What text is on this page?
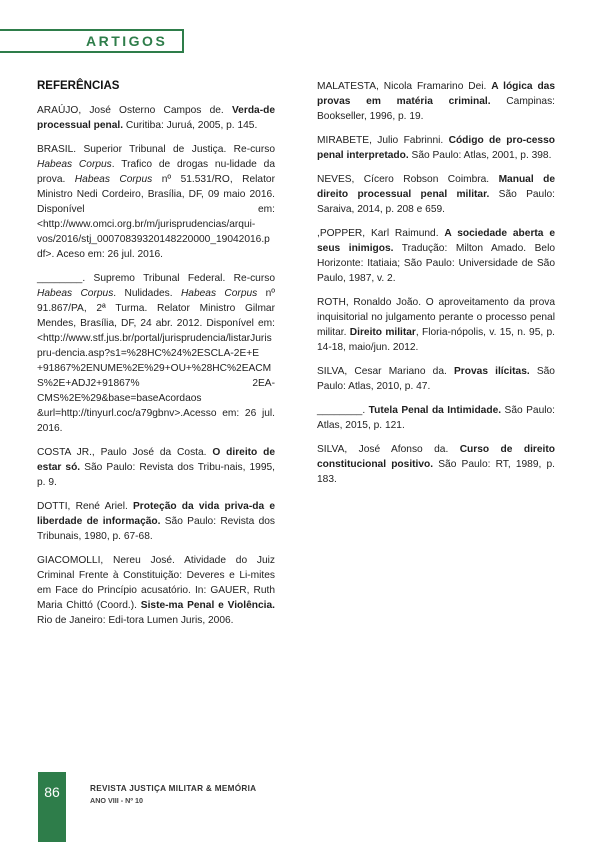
ARTIGOS
REFERÊNCIAS

ARAÚJO, José Osterno Campos de. Verda-de processual penal. Curitiba: Juruá, 2005, p. 145.

BRASIL. Superior Tribunal de Justiça. Re-curso Habeas Corpus. Trafico de drogas nu-lidade da prova. Habeas Corpus nº 51.531/RO, Relator Ministro Nedi Cordeiro, Brasília, DF, 09 maio 2016. Disponível em: <http://www.omci.org.br/m/jurisprudencias/arqui-vos/2016/stj_00070839320148220000_19042016.pdf>. Aceso em: 26 jul. 2016.

________. Supremo Tribunal Federal. Re-curso Habeas Corpus. Nulidades. Habeas Corpus nº 91.867/PA, 2ª Turma. Relator Ministro Gilmar Mendes, Brasília, DF, 24 abr. 2012. Disponível em: <http://www.stf.jus.br/portal/jurisprudencia/listarJurispru-dencia.asp?s1=%28HC%24%2ESCLA-2E+E +91867%2ENUME%2E%29+OU+%28HC%2EACMS%2E+ADJ2+91867% 2EA-CMS%2E%29&base=baseAcordaos &url=http://tinyurl.coc/a79gbnv>.Acesso em: 26 jul. 2016.

COSTA JR., Paulo José da Costa. O direito de estar só. São Paulo: Revista dos Tribu-nais, 1995, p. 9.

DOTTI, René Ariel. Proteção da vida priva-da e liberdade de informação. São Paulo: Revista dos Tribunais, 1980, p. 67-68.

GIACOMOLLI, Nereu José. Atividade do Juiz Criminal Frente à Constituição: Deveres e Li-mites em Face do Princípio acusatório. In: GAUER, Ruth Maria Chittó (Coord.). Siste-ma Penal e Violência. Rio de Janeiro: Edi-tora Lumen Juris, 2006.

MALATESTA, Nicola Framarino Dei. A lógica das provas em matéria criminal. Campinas: Bookseller, 1996, p. 19.

MIRABETE, Julio Fabrinni. Código de pro-cesso penal interpretado. São Paulo: Atlas, 2001, p. 398.

NEVES, Cícero Robson Coimbra. Manual de direito processual penal militar. São Paulo: Saraiva, 2014, p. 208 e 659.

,POPPER, Karl Raimund. A sociedade aberta e seus inimigos. Tradução: Milton Amado. Belo Horizonte: Itatiaia; São Paulo: Universidade de São Paulo, 1987, v. 2.

ROTH, Ronaldo João. O aproveitamento da prova inquisitorial no julgamento perante o processo penal militar. Direito militar, Floria-nópolis, v. 15, n. 95, p. 14-18, maio/jun. 2012.

SILVA, Cesar Mariano da. Provas ilícitas. São Paulo: Atlas, 2010, p. 47.

________. Tutela Penal da Intimidade. São Paulo: Atlas, 2015, p. 121.

SILVA, José Afonso da. Curso de direito constitucional positivo. São Paulo: RT, 1989, p. 183.

86	REVISTA JUSTIÇA MILITAR & MEMÓRIA
ANO VIII - Nº 10
